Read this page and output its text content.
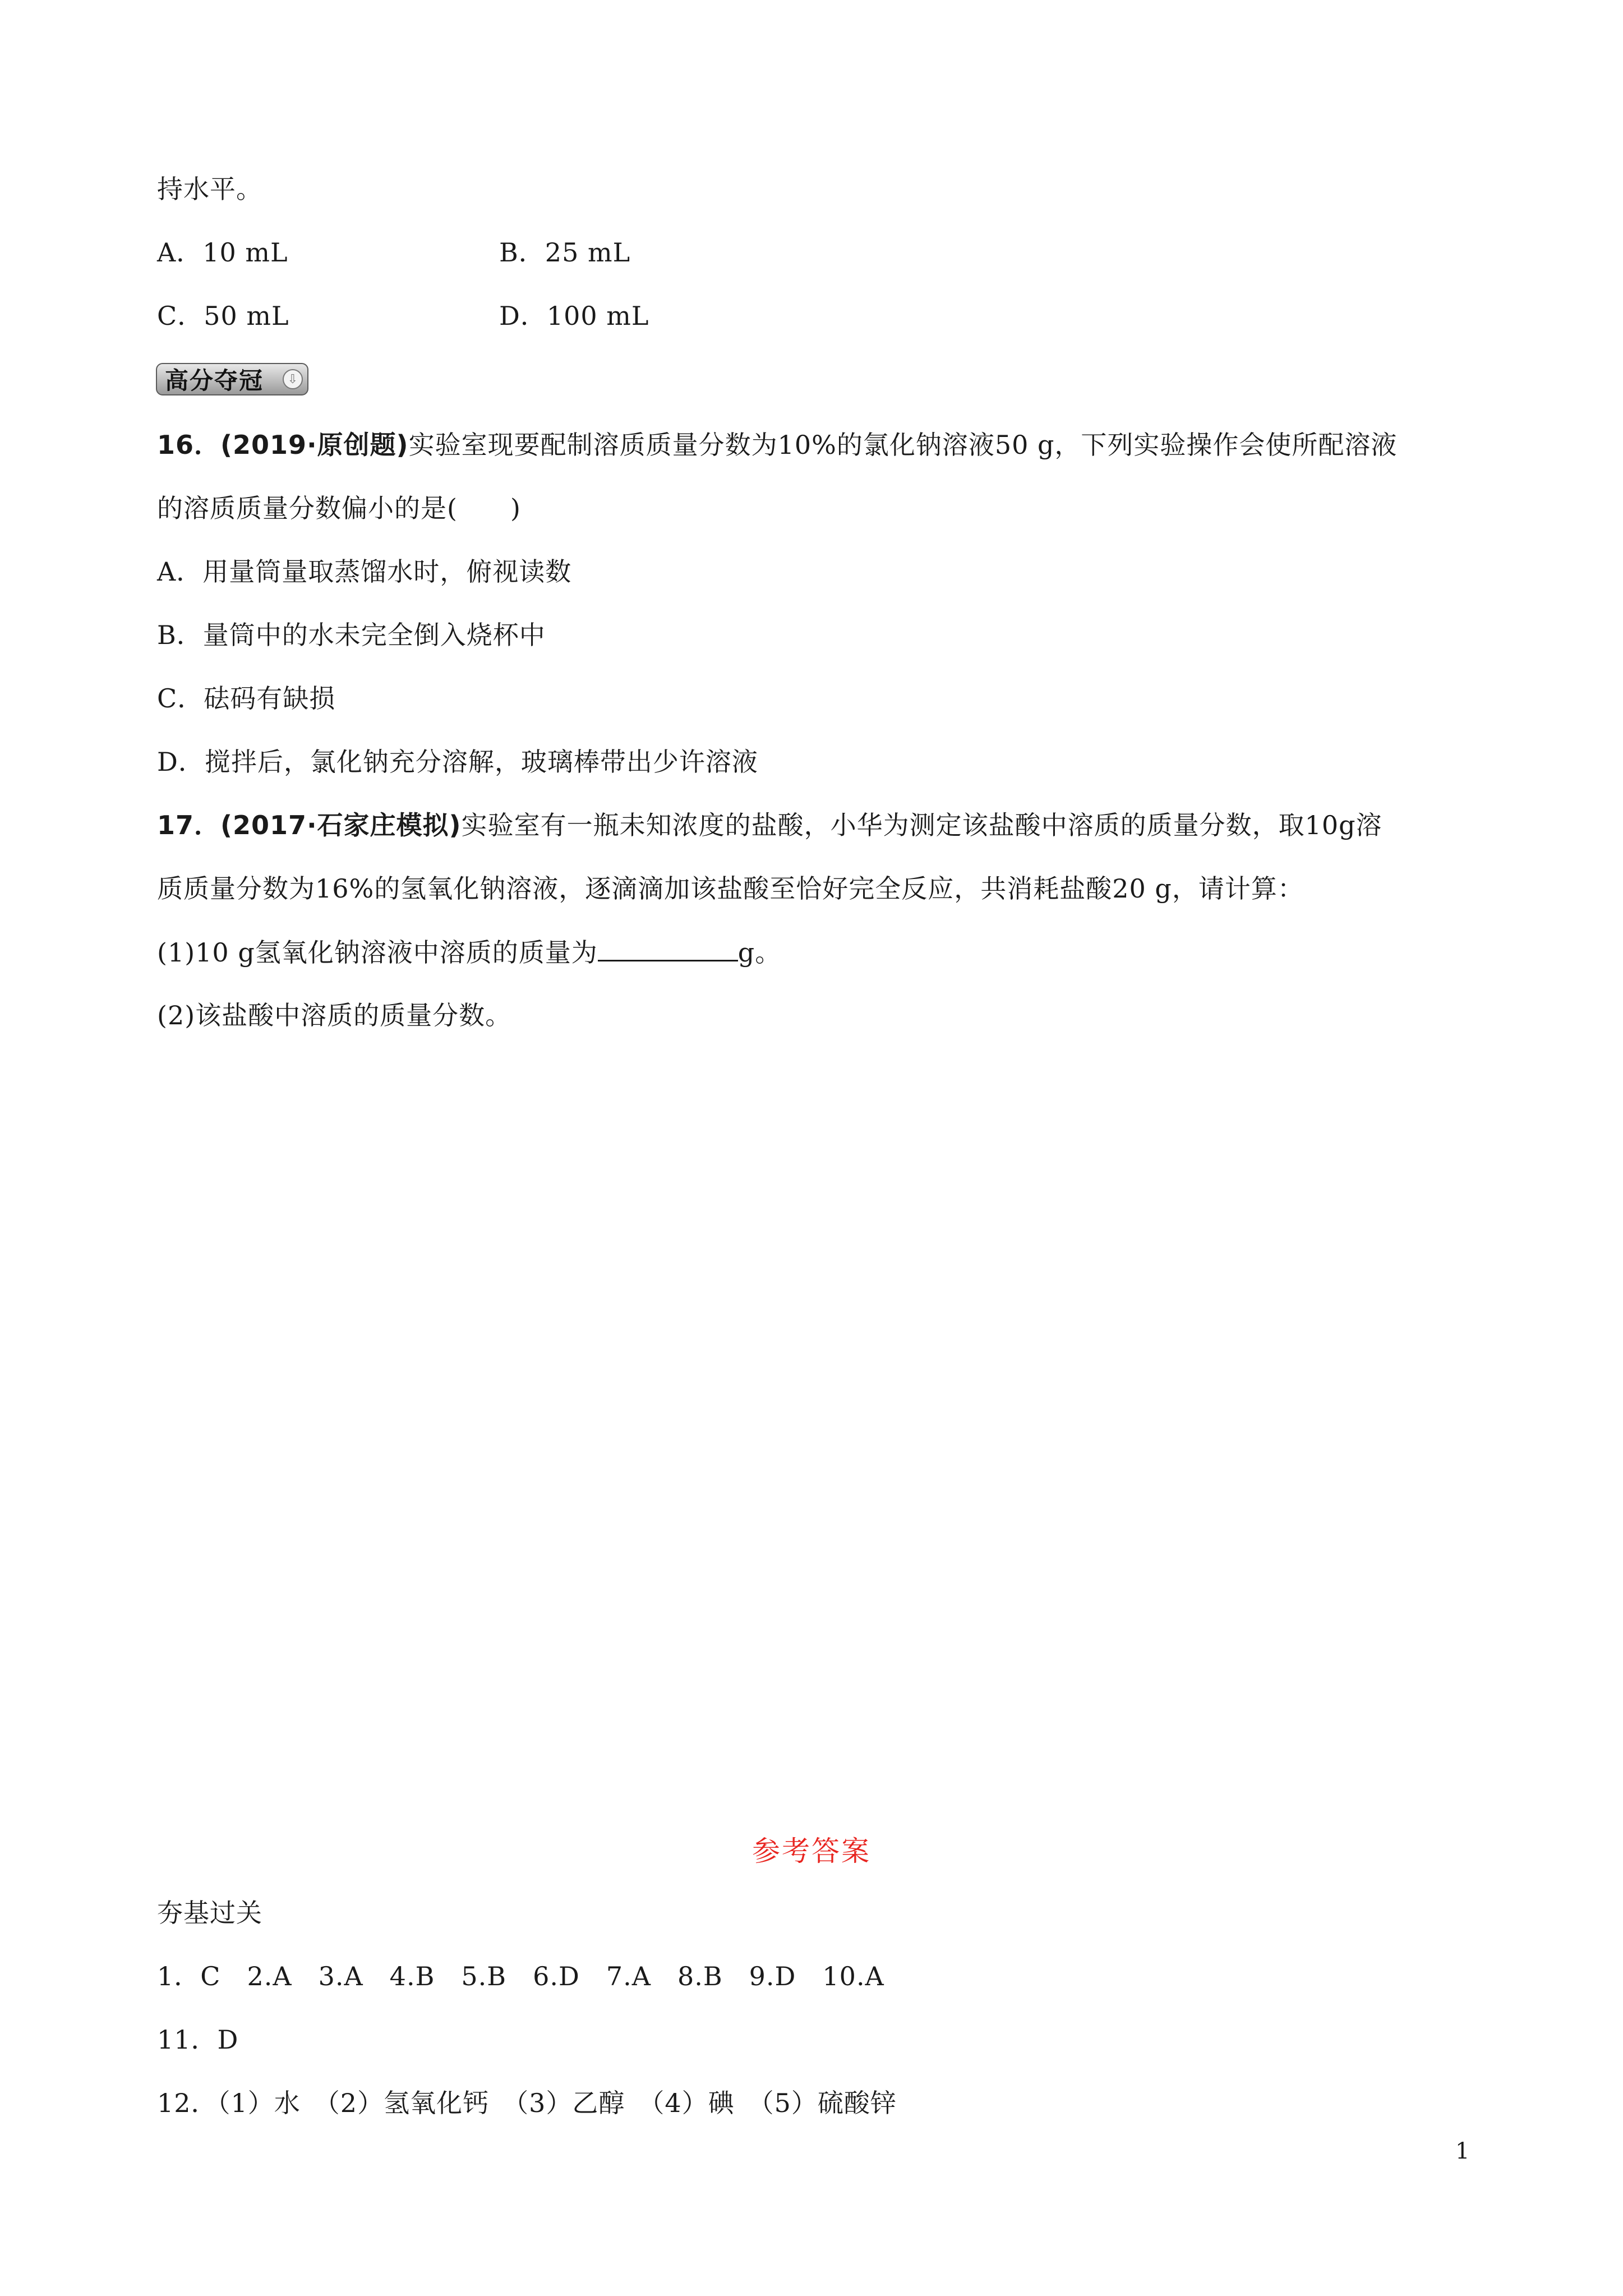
持水平。
A．10 mL	B．25 mL
C．50 mL	D．100 mL
高分夺冠	⇩
16．(2019·原创题)实验室现要配制溶质质量分数为10%的氯化钠溶液50 g，下列实验操作会使所配溶液
的溶质质量分数偏小的是(　　)
A．用量筒量取蒸馏水时，俯视读数
B．量筒中的水未完全倒入烧杯中
C．砝码有缺损
D．搅拌后，氯化钠充分溶解，玻璃棒带出少许溶液
17．(2017·石家庄模拟)实验室有一瓶未知浓度的盐酸，小华为测定该盐酸中溶质的质量分数，取10g溶
质质量分数为16%的氢氧化钠溶液，逐滴滴加该盐酸至恰好完全反应，共消耗盐酸20 g，请计算：
(1)10 g氢氧化钠溶液中溶质的质量为	g。
(2)该盐酸中溶质的质量分数。
参考答案
夯基过关
1．C　2.A　3.A　4.B　5.B　6.D　7.A　8.B　9.D　10.A
11．D
12．（1）水　（2）氢氧化钙　（3）乙醇　（4）碘　（5）硫酸锌
1
